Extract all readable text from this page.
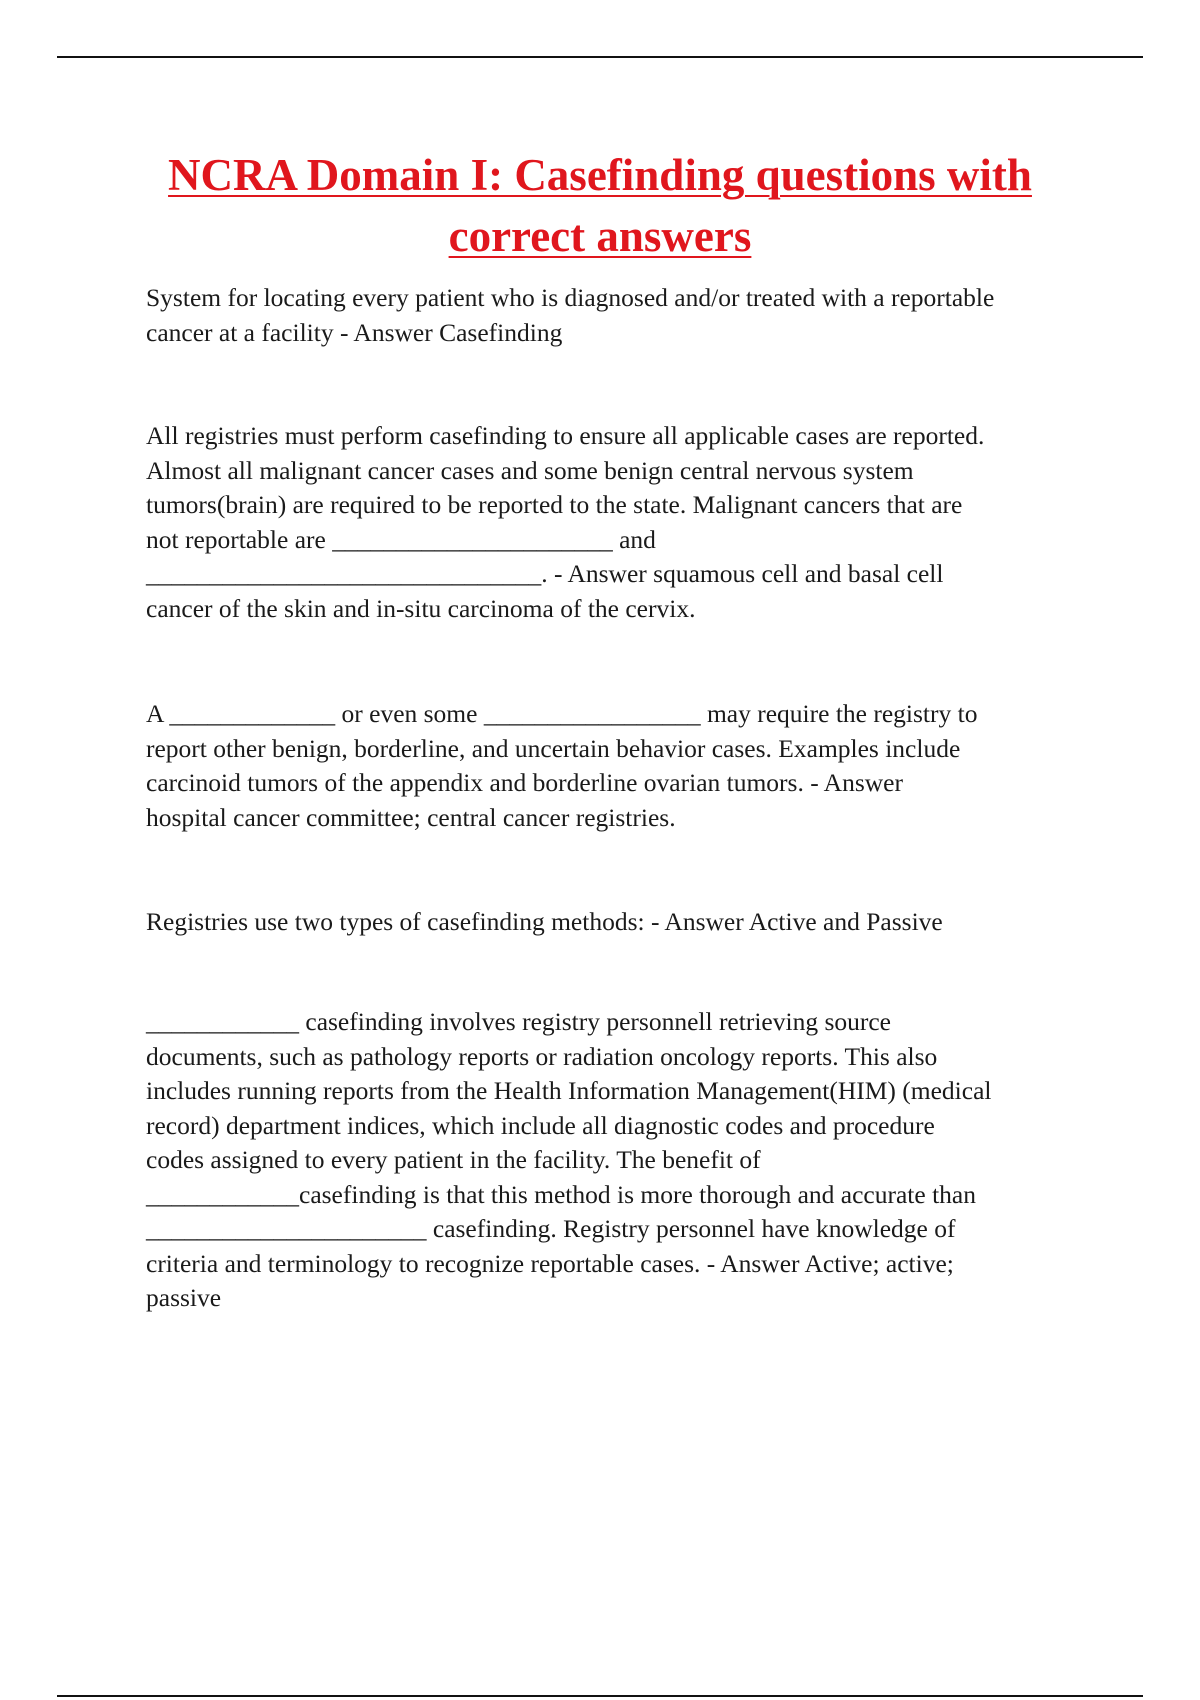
NCRA Domain I: Casefinding questions with
correct answers

System for locating every patient who is diagnosed and/or treated with a reportable
cancer at a facility - Answer Casefinding

All registries must perform casefinding to ensure all applicable cases are reported.
Almost all malignant cancer cases and some benign central nervous system
tumors(brain) are required to be reported to the state. Malignant cancers that are
not reportable are ______________________ and
_______________________________. - Answer squamous cell and basal cell
cancer of the skin and in-situ carcinoma of the cervix.

A _____________ or even some _________________ may require the registry to
report other benign, borderline, and uncertain behavior cases. Examples include
carcinoid tumors of the appendix and borderline ovarian tumors. - Answer
hospital cancer committee; central cancer registries.

Registries use two types of casefinding methods: - Answer Active and Passive

____________ casefinding involves registry personnell retrieving source
documents, such as pathology reports or radiation oncology reports. This also
includes running reports from the Health Information Management(HIM) (medical
record) department indices, which include all diagnostic codes and procedure
codes assigned to every patient in the facility. The benefit of
____________casefinding is that this method is more thorough and accurate than
______________________ casefinding. Registry personnel have knowledge of
criteria and terminology to recognize reportable cases. - Answer Active; active;
passive
